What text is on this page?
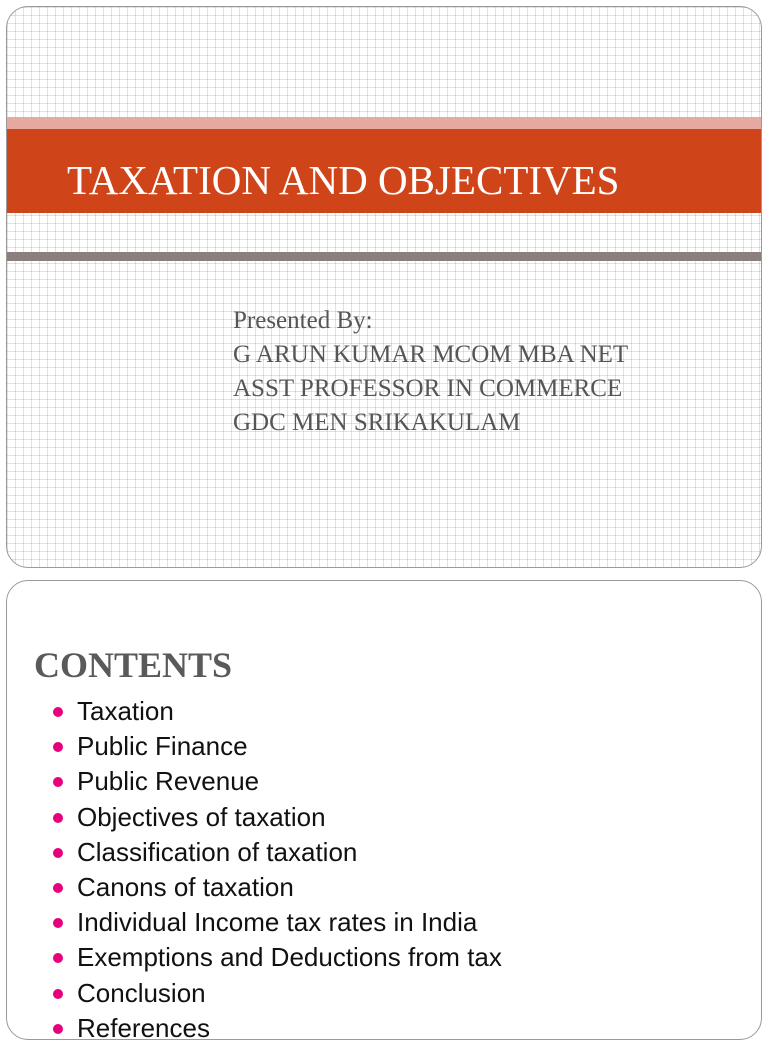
TAXATION AND OBJECTIVES
Presented By:
G ARUN KUMAR MCOM MBA NET
ASST PROFESSOR IN COMMERCE
GDC MEN SRIKAKULAM
CONTENTS
Taxation
Public Finance
Public Revenue
Objectives of taxation
Classification of taxation
Canons of taxation
Individual Income tax rates in India
Exemptions and Deductions from tax
Conclusion
References
